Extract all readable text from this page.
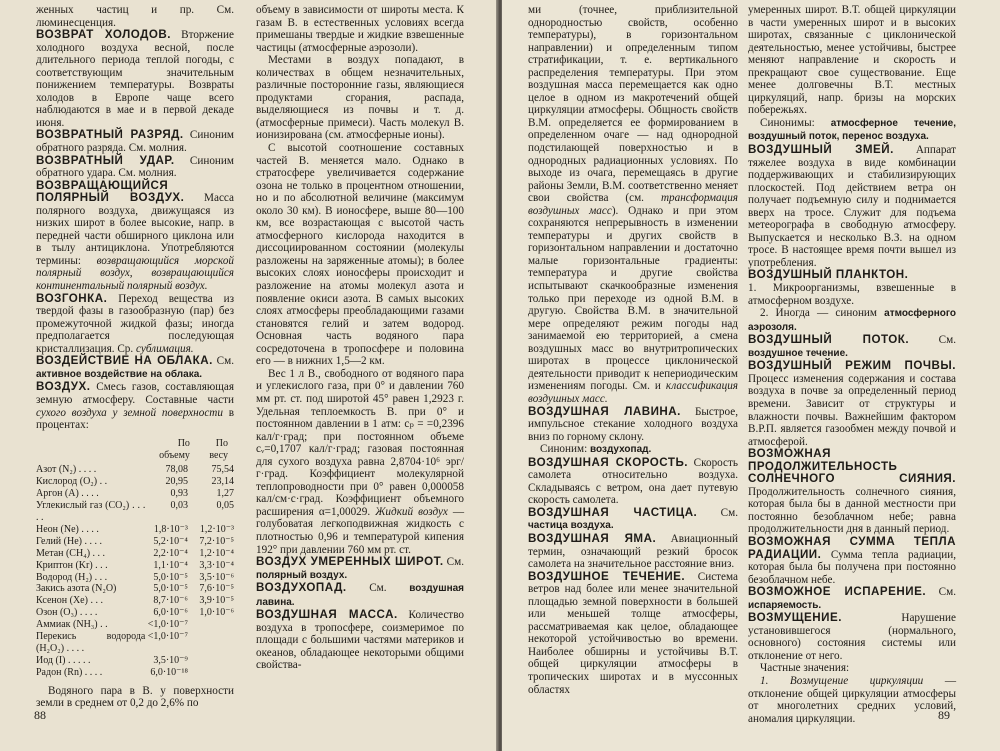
женных частиц и пр. См. люминесценция.

ВОЗВРАТ ХОЛОДОВ. Вторжение холодного воздуха весной, после длительного периода теплой погоды, с соответствующим значительным понижением температуры. Возвраты холодов в Европе чаще всего наблюдаются в мае и в первой декаде июня.

ВОЗВРАТНЫЙ РАЗРЯД. Синоним обратного разряда. См. молния.

ВОЗВРАТНЫЙ УДАР. Синоним обратного удара. См. молния.

ВОЗВРАЩАЮЩИЙСЯ ПОЛЯРНЫЙ ВОЗДУХ. Масса полярного воздуха, движущаяся из низких широт в более высокие, напр. в передней части обширного циклона или в тылу антициклона. Употребляются термины: возвращающийся морской полярный воздух, возвращающийся континентальный полярный воздух.

ВОЗГОНКА. Переход вещества из твердой фазы в газообразную (пар) без промежуточной жидкой фазы; иногда предполагается последующая кристаллизация. Ср. сублимация.

ВОЗДЕЙСТВИЕ НА ОБЛАКА. См. активное воздействие на облака.

ВОЗДУХ. Смесь газов, составляющая земную атмосферу. Составные части сухого воздуха у земной поверхности в процентах:

	По объему	По весу
Азот (N₂) . . . .	78,08	75,54
Кислород (O₂) . .	20,95	23,14
Аргон (A) . . . .	0,93	1,27
Углекислый газ (CO₂) . . . . .	0,03	0,05
Неон (Ne) . . . .	1,8·10⁻³	1,2·10⁻³
Гелий (He) . . . .	5,2·10⁻⁴	7,2·10⁻⁵
Метан (CH₄) . . .	2,2·10⁻⁴	1,2·10⁻⁴
Криптон (Kr) . . .	1,1·10⁻⁴	3,3·10⁻⁴
Водород (H₂) . . .	5,0·10⁻⁵	3,5·10⁻⁶
Закись азота (N₂O)	5,0·10⁻⁵	7,6·10⁻⁵
Ксенон (Xe) . . .	8,7·10⁻⁶	3,9·10⁻⁵
Озон (O₃) . . . .	6,0·10⁻⁶	1,0·10⁻⁶
Аммиак (NH₃) . .	<1,0·10⁻⁷	
Перекись водорода (H₂O₂) . . . .	<1,0·10⁻⁷	
Иод (I) . . . . .	3,5·10⁻⁹	
Радон (Rn) . . . .	6,0·10⁻¹⁸	

Водяного пара в В. у поверхности земли в среднем от 0,2 до 2,6% по

объему в зависимости от широты места. К газам В. в естественных условиях всегда примешаны твердые и жидкие взвешенные частицы (атмосферные аэрозоли).

Местами в воздух попадают, в количествах в общем незначительных, различные посторонние газы, являющиеся продуктами сгорания, распада, выделяющиеся из почвы и т. д. (атмосферные примеси). Часть молекул В. ионизирована (см. атмосферные ионы).

С высотой соотношение составных частей В. меняется мало. Однако в стратосфере увеличивается содержание озона не только в процентном отношении, но и по абсолютной величине (максимум около 30 км). В ионосфере, выше 80—100 км, все возрастающая с высотой часть атмосферного кислорода находится в диссоциированном состоянии (молекулы разложены на заряженные атомы); в более высоких слоях ионосферы происходит и разложение на атомы молекул азота и появление окиси азота. В самых высоких слоях атмосферы преобладающими газами становятся гелий и затем водород. Основная часть водяного пара сосредоточена в тропосфере и половина его — в нижних 1,5—2 км.

Вес 1 л В., свободного от водяного пара и углекислого газа, при 0° и давлении 760 мм рт. ст. под широтой 45° равен 1,2923 г. Удельная теплоемкость В. при 0° и постоянном давлении в 1 атм: cₚ = =0,2396 кал/г·град; при постоянном объеме cᵥ=0,1707 кал/г·град; газовая постоянная для сухого воздуха равна 2,8704·10⁶ эрг/г·град. Коэффициент молекулярной теплопроводности при 0° равен 0,000058 кал/см·с·град. Коэффициент объемного расширения α=1,00029. Жидкий воздух — голубоватая легкоподвижная жидкость с плотностью 0,96 и температурой кипения 192° при давлении 760 мм рт. ст.

ВОЗДУХ УМЕРЕННЫХ ШИРОТ. См. полярный воздух.

ВОЗДУХОПАД. См. воздушная лавина.

ВОЗДУШНАЯ МАССА. Количество воздуха в тропосфере, соизмеримое по площади с большими частями материков и океанов, обладающее некоторыми общими свойства-

88

ми (точнее, приблизительной однородностью свойств, особенно температуры), в горизонтальном направлении) и определенным типом стратификации, т. е. вертикального распределения температуры. При этом воздушная масса перемещается как одно целое в одном из макротечений общей циркуляции атмосферы. Общность свойств В.М. определяется ее формированием в определенном очаге — над однородной подстилающей поверхностью и в однородных радиационных условиях. По выходе из очага, перемещаясь в другие районы Земли, В.М. соответственно меняет свои свойства (см. трансформация воздушных масс). Однако и при этом сохраняются непрерывность в изменении температуры и других свойств в горизонтальном направлении и достаточно малые горизонтальные градиенты: температура и другие свойства испытывают скачкообразные изменения только при переходе из одной В.М. в другую. Свойства В.М. в значительной мере определяют режим погоды над занимаемой ею территорией, а смена воздушных масс во внутритропических широтах в процессе циклонической деятельности приводит к непериодическим изменениям погоды. См. и классификация воздушных масс.

ВОЗДУШНАЯ ЛАВИНА. Быстрое, импульсное стекание холодного воздуха вниз по горному склону.

Синоним: воздухопад.

ВОЗДУШНАЯ СКОРОСТЬ. Скорость самолета относительно воздуха. Складываясь с ветром, она дает путевую скорость самолета.

ВОЗДУШНАЯ ЧАСТИЦА. См. частица воздуха.

ВОЗДУШНАЯ ЯМА. Авиационный термин, означающий резкий бросок самолета на значительное расстояние вниз.

ВОЗДУШНОЕ ТЕЧЕНИЕ. Система ветров над более или менее значительной площадью земной поверхности в большей или меньшей толще атмосферы, рассматриваемая как целое, обладающее некоторой устойчивостью во времени. Наиболее обширны и устойчивы В.Т. общей циркуляции атмосферы в тропических широтах и в муссонных областях

умеренных широт. В.Т. общей циркуляции в части умеренных широт и в высоких широтах, связанные с циклонической деятельностью, менее устойчивы, быстрее меняют направление и скорость и прекращают свое существование. Еще менее долговечны В.Т. местных циркуляций, напр. бризы на морских побережьях.

Синонимы: атмосферное течение, воздушный поток, перенос воздуха.

ВОЗДУШНЫЙ ЗМЕЙ. Аппарат тяжелее воздуха в виде комбинации поддерживающих и стабилизирующих плоскостей. Под действием ветра он получает подъемную силу и поднимается вверх на тросе. Служит для подъема метеорографа в свободную атмосферу. Выпускается и несколько В.З. на одном тросе. В настоящее время почти вышел из употребления.

ВОЗДУШНЫЙ ПЛАНКТОН.

1. Микроорганизмы, взвешенные в атмосферном воздухе.

2. Иногда — синоним атмосферного аэрозоля.

ВОЗДУШНЫЙ ПОТОК.	См. воздушное течение.

ВОЗДУШНЫЙ РЕЖИМ ПОЧВЫ. Процесс изменения содержания и состава воздуха в почве за определенный период времени. Зависит от структуры и влажности почвы. Важнейшим фактором В.Р.П. является газообмен между почвой и атмосферой.

ВОЗМОЖНАЯ ПРОДОЛЖИТЕЛЬНОСТЬ СОЛНЕЧНОГО СИЯНИЯ. Продолжительность солнечного сияния, которая была бы в данной местности при постоянно безоблачном небе; равна продолжительности дня в данный период.

ВОЗМОЖНАЯ СУММА ТЕПЛА РАДИАЦИИ. Сумма тепла радиации, которая была бы получена при постоянно безоблачном небе.

ВОЗМОЖНОЕ ИСПАРЕНИЕ. См. испаряемость.

ВОЗМУЩЕНИЕ.	Нарушение установившегося (нормального, основного) состояния системы или отклонение от него.

Частные значения:

1. Возмущение циркуляции — отклонение общей циркуляции атмосферы от многолетних средних условий, аномалия циркуляции.	89
